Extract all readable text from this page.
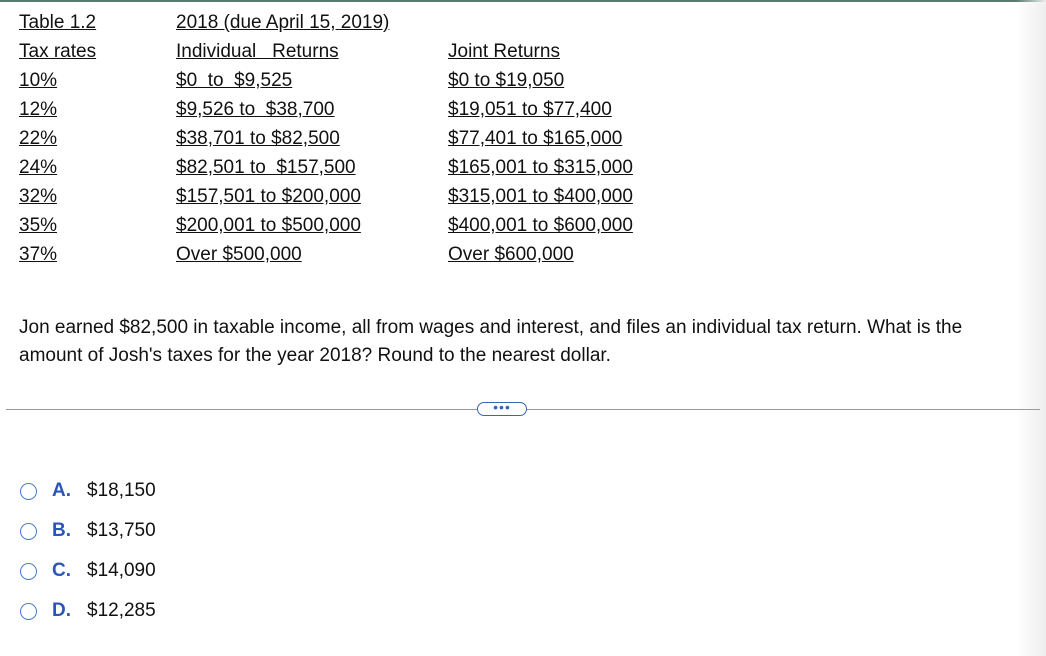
Table 1.2
Tax rates
10%
12%
22%
24%
32%
35%
37%
2018 (due April 15, 2019)
Individual   Returns
$0  to  $9,525
$9,526 to  $38,700
$38,701 to $82,500
$82,501 to  $157,500
$157,501 to $200,000
$200,001 to $500,000
Over $500,000
Joint Returns
$0 to $19,050
$19,051 to $77,400
$77,401 to $165,000
$165,001 to $315,000
$315,001 to $400,000
$400,001 to $600,000
Over $600,000
Jon earned $82,500 in taxable income, all from wages and interest, and files an individual tax return. What is the amount of Josh's taxes for the year 2018? Round to the nearest dollar.
•••
A. $18,150
B. $13,750
C. $14,090
D. $12,285
